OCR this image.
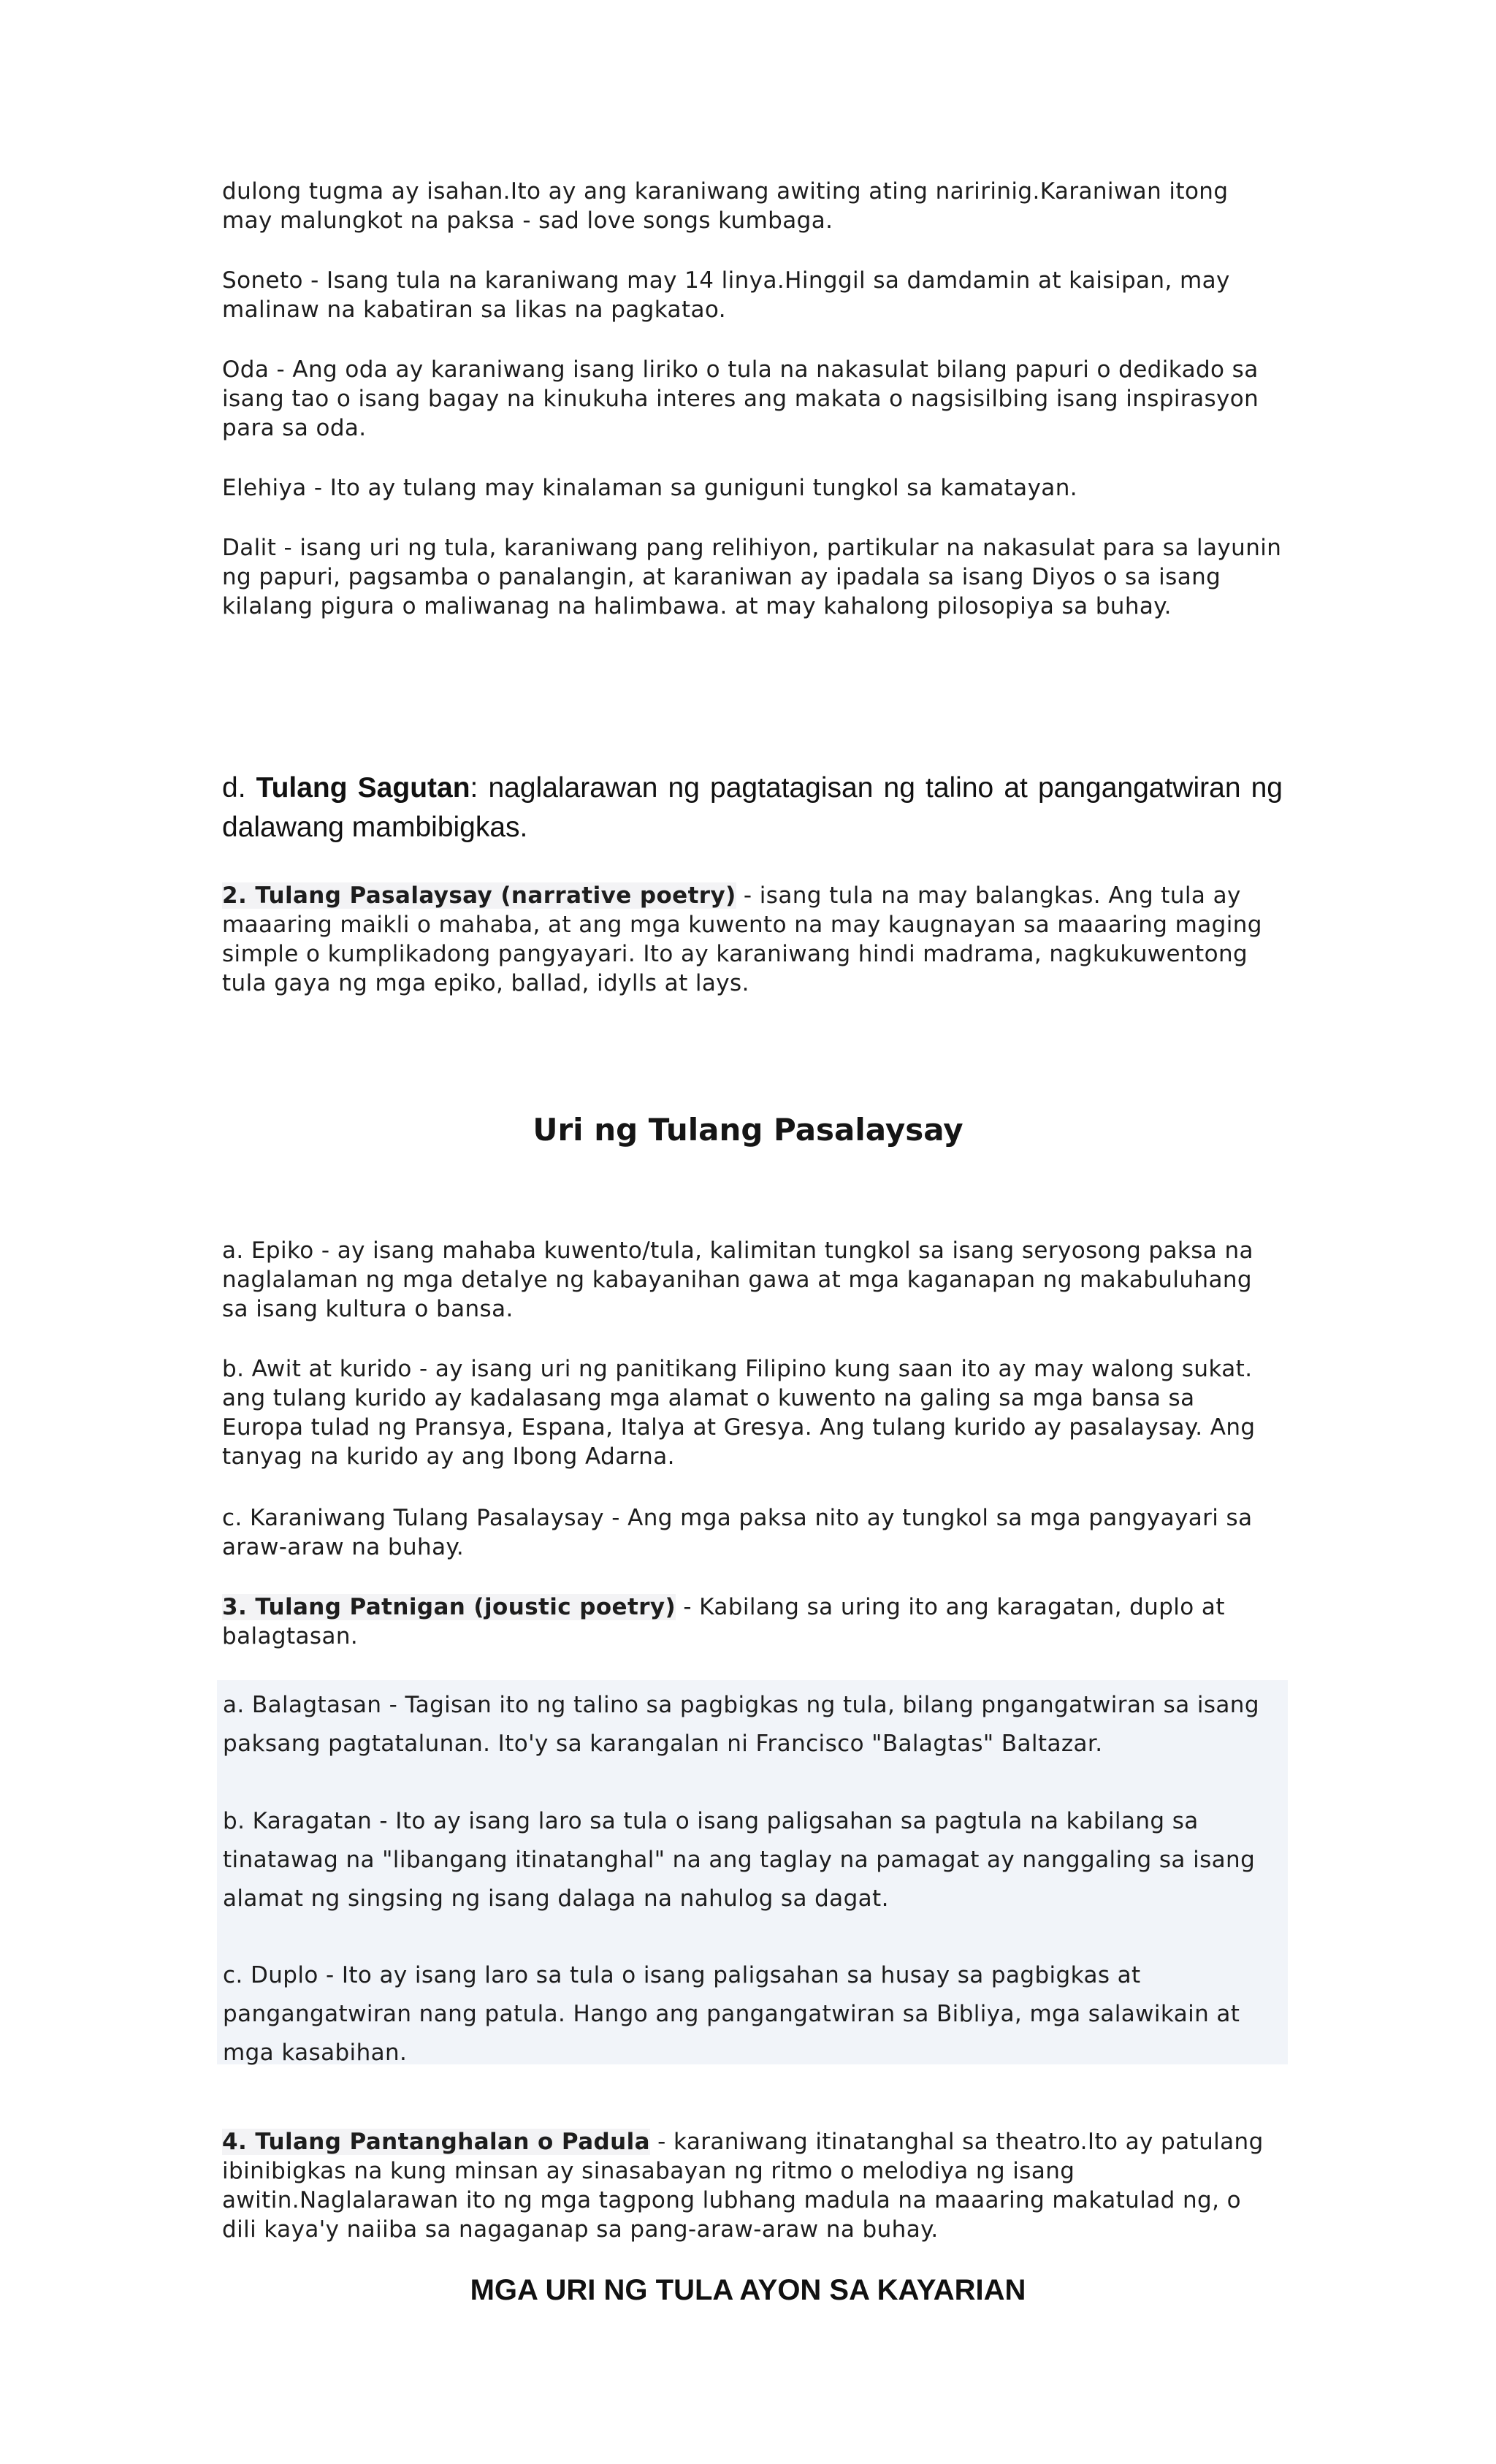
dulong tugma ay isahan.Ito ay ang karaniwang awiting ating naririnig.Karaniwan itong may malungkot na paksa - sad love songs kumbaga.

Soneto - Isang tula na karaniwang may 14 linya.Hinggil sa damdamin at kaisipan, may malinaw na kabatiran sa likas na pagkatao.

Oda - Ang oda ay karaniwang isang liriko o tula na nakasulat bilang papuri o dedikado sa isang tao o isang bagay na kinukuha interes ang makata o nagsisilbing isang inspirasyon para sa oda.

Elehiya - Ito ay tulang may kinalaman sa guniguni tungkol sa kamatayan.

Dalit - isang uri ng tula, karaniwang pang relihiyon, partikular na nakasulat para sa layunin ng papuri, pagsamba o panalangin, at karaniwan ay ipadala sa isang Diyos o sa isang kilalang pigura o maliwanag na halimbawa. at may kahalong pilosopiya sa buhay.

d. Tulang Sagutan: naglalarawan ng pagtatagisan ng talino at pangangatwiran ng dalawang mambibigkas.

2. Tulang Pasalaysay (narrative poetry) - isang tula na may balangkas. Ang tula ay maaaring maikli o mahaba, at ang mga kuwento na may kaugnayan sa maaaring maging simple o kumplikadong pangyayari. Ito ay karaniwang hindi madrama, nagkukuwentong tula gaya ng mga epiko, ballad, idylls at lays.

Uri ng Tulang Pasalaysay

a. Epiko - ay isang mahaba kuwento/tula, kalimitan tungkol sa isang seryosong paksa na naglalaman ng mga detalye ng kabayanihan gawa at mga kaganapan ng makabuluhang sa isang kultura o bansa.

b. Awit at kurido - ay isang uri ng panitikang Filipino kung saan ito ay may walong sukat. ang tulang kurido ay kadalasang mga alamat o kuwento na galing sa mga bansa sa Europa tulad ng Pransya, Espana, Italya at Gresya. Ang tulang kurido ay pasalaysay. Ang tanyag na kurido ay ang Ibong Adarna.

c. Karaniwang Tulang Pasalaysay - Ang mga paksa nito ay tungkol sa mga pangyayari sa araw-araw na buhay.

3. Tulang Patnigan (joustic poetry) - Kabilang sa uring ito ang karagatan, duplo at balagtasan.

a. Balagtasan - Tagisan ito ng talino sa pagbigkas ng tula, bilang pngangatwiran sa isang paksang pagtatalunan. Ito'y sa karangalan ni Francisco "Balagtas" Baltazar.

b. Karagatan - Ito ay isang laro sa tula o isang paligsahan sa pagtula na kabilang sa tinatawag na "libangang itinatanghal" na ang taglay na pamagat ay nanggaling sa isang alamat ng singsing ng isang dalaga na nahulog sa dagat.

c. Duplo - Ito ay isang laro sa tula o isang paligsahan sa husay sa pagbigkas at pangangatwiran nang patula. Hango ang pangangatwiran sa Bibliya, mga salawikain at mga kasabihan.

4. Tulang Pantanghalan o Padula - karaniwang itinatanghal sa theatro.Ito ay patulang ibinibigkas na kung minsan ay sinasabayan ng ritmo o melodiya ng isang awitin.Naglalarawan ito ng mga tagpong lubhang madula na maaaring makatulad ng, o dili kaya'y naiiba sa nagaganap sa pang-araw-araw na buhay.

MGA URI NG TULA AYON SA KAYARIAN
